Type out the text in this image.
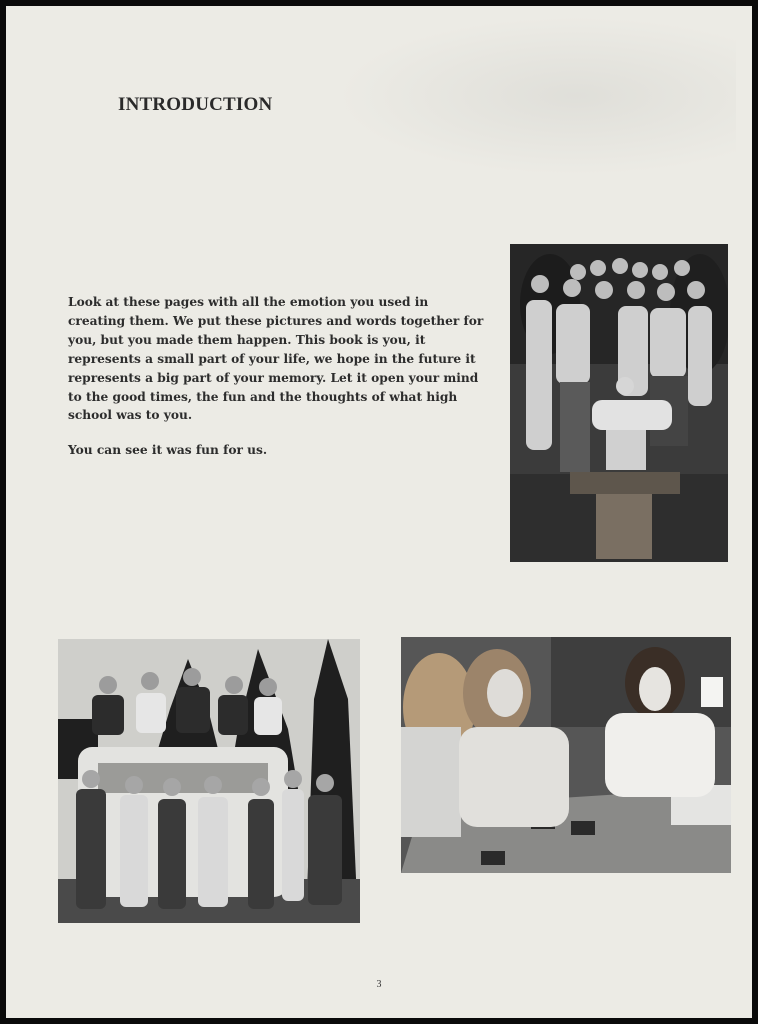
INTRODUCTION

Look at these pages with all the emotion you used in creating them. We put these pictures and words together for you, but you made them happen. This book is you, it represents a small part of your life, we hope in the future it represents a big part of your memory. Let it open your mind to the good times, the fun and the thoughts of what high school was to you.

You can see it was fun for us.

3
